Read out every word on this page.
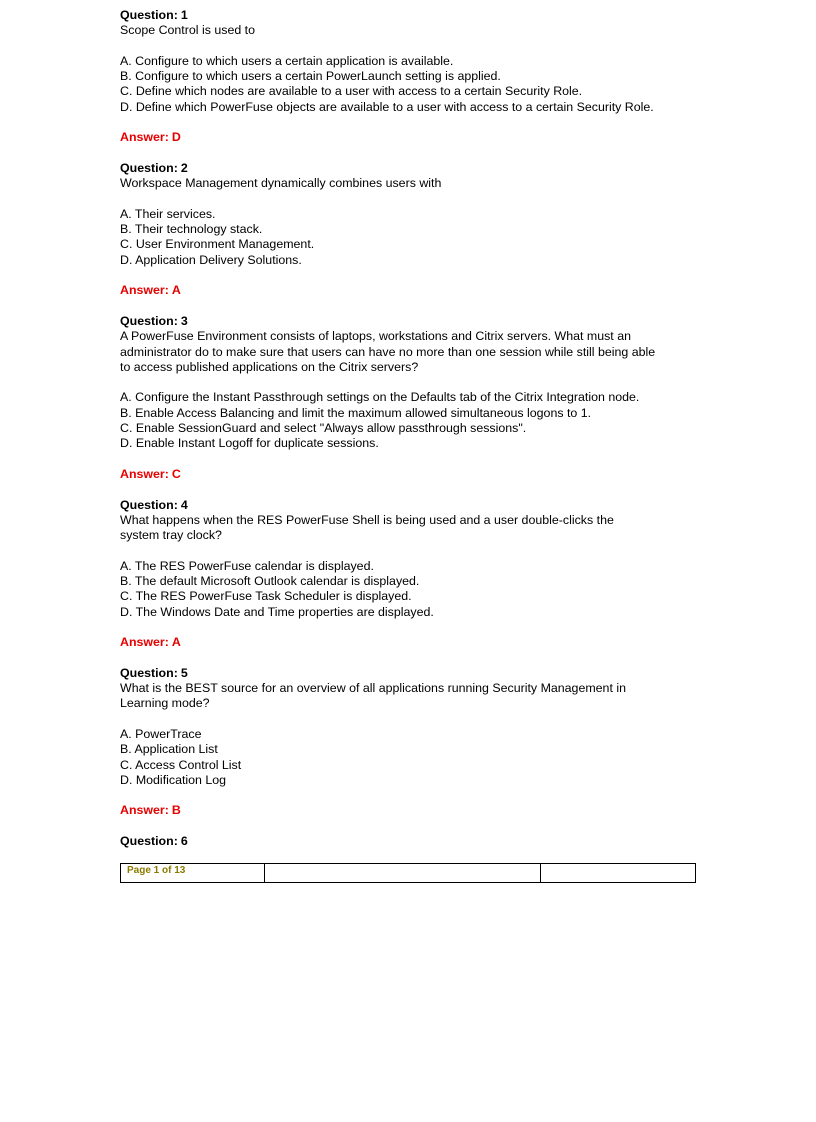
Question: 1

Scope Control is used to

A. Configure to which users a certain application is available.
B. Configure to which users a certain PowerLaunch setting is applied.
C. Define which nodes are available to a user with access to a certain Security Role.
D. Define which PowerFuse objects are available to a user with access to a certain Security Role.

Answer: D

Question: 2

Workspace Management dynamically combines users with

A. Their services.
B. Their technology stack.
C. User Environment Management.
D. Application Delivery Solutions.

Answer: A

Question: 3

A PowerFuse Environment consists of laptops, workstations and Citrix servers. What must an
administrator do to make sure that users can have no more than one session while still being able
to access published applications on the Citrix servers?

A. Configure the Instant Passthrough settings on the Defaults tab of the Citrix Integration node.
B. Enable Access Balancing and limit the maximum allowed simultaneous logons to 1.
C. Enable SessionGuard and select "Always allow passthrough sessions".
D. Enable Instant Logoff for duplicate sessions.

Answer: C

Question: 4

What happens when the RES PowerFuse Shell is being used and a user double-clicks the
system tray clock?

A. The RES PowerFuse calendar is displayed.
B. The default Microsoft Outlook calendar is displayed.
C. The RES PowerFuse Task Scheduler is displayed.
D. The Windows Date and Time properties are displayed.

Answer: A

Question: 5

What is the BEST source for an overview of all applications running Security Management in
Learning mode?

A. PowerTrace
B. Application List
C. Access Control List
D. Modification Log

Answer: B

Question: 6

Page 1 of 13
